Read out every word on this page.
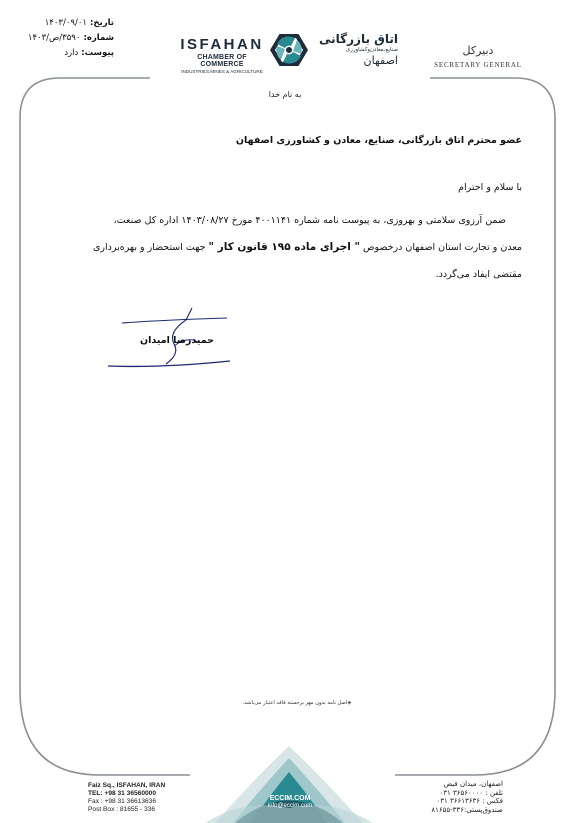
تاریخ:
۱۴۰۳/۰۹/۰۱
شماره:
۳۵۹۰/ص/۱۴۰۳
پیوست:
دارد	ISFAHAN
CHAMBER OF COMMERCE
INDUSTRIES,MINES & AGRICULTURE
اتاق بازرگانی
صنایع،معادن‌وکشاورزی
اصفهان
دبیرکل
SECRETARY GENERAL
به نام خدا
عضو محترم اتاق بازرگانی، صنایع، معادن و کشاورزی اصفهان
با سلام و احترام
ضمن آرزوی سلامتی و بهروزی، به پیوست نامه شماره ۴۰۰۱۱۴۱ مورخ ۱۴۰۳/۰۸/۲۷ اداره کل صنعت،
معدن و تجارت استان اصفهان درخصوص " اجرای ماده ۱۹۵ قانون کار " جهت استحضار و بهره‌برداری
مقتضی ایفاد می‌گردد.
حمیدرضا امیدان
◈اصل نامه بدون مهر برجسته فاقد اعتبار می‌باشد.
ECCIM.COM
info@eccim.com
Faiz Sq., ISFAHAN, IRAN
TEL: +98 31 36560000
Fax : +98 31 36613636
Post Box : 81655 - 336
اصفهان، میدان فیض
تلفن : ۳۶۵۶۰۰۰۰ ۰۳۱
فکس : ۳۶۶۱۳۶۳۶ ۰۳۱
صندوق‌پستی:۳۳۶-۸۱۶۵۵
